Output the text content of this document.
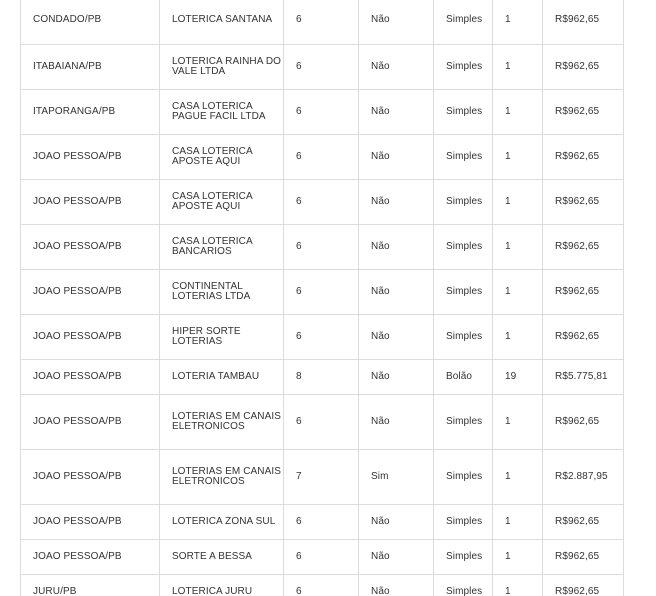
CONDADO/PB	LOTERICA SANTANA	6	Não	Simples	1	R$962,65

ITABAIANA/PB	LOTERICA RAINHA DO VALE LTDA	6	Não	Simples	1	R$962,65

ITAPORANGA/PB	CASA LOTERICA PAGUE FACIL LTDA	6	Não	Simples	1	R$962,65

JOAO PESSOA/PB	CASA LOTERICA APOSTE AQUI	6	Não	Simples	1	R$962,65

JOAO PESSOA/PB	CASA LOTERICA APOSTE AQUI	6	Não	Simples	1	R$962,65

JOAO PESSOA/PB	CASA LOTERICA BANCARIOS	6	Não	Simples	1	R$962,65

JOAO PESSOA/PB	CONTINENTAL LOTERIAS LTDA	6	Não	Simples	1	R$962,65

JOAO PESSOA/PB	HIPER SORTE LOTERIAS	6	Não	Simples	1	R$962,65

JOAO PESSOA/PB	LOTERIA TAMBAU	8	Não	Bolão	19	R$5.775,81

JOAO PESSOA/PB	LOTERIAS EM CANAIS ELETRONICOS	6	Não	Simples	1	R$962,65

JOAO PESSOA/PB	LOTERIAS EM CANAIS ELETRONICOS	7	Sim	Simples	1	R$2.887,95

JOAO PESSOA/PB	LOTERICA ZONA SUL	6	Não	Simples	1	R$962,65

JOAO PESSOA/PB	SORTE A BESSA	6	Não	Simples	1	R$962,65

JURU/PB	LOTERICA JURU	6	Não	Simples	1	R$962,65
